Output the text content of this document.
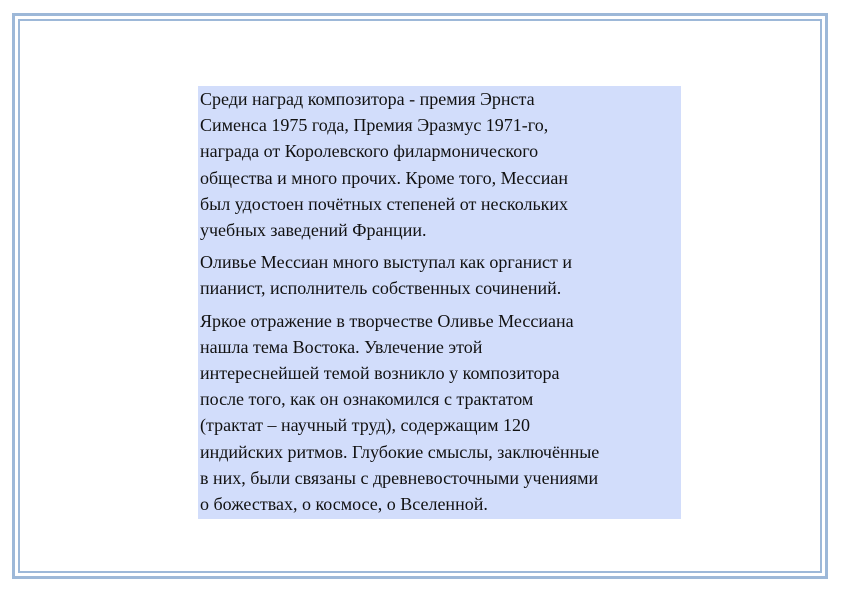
Среди наград композитора - премия Эрнста
Сименса 1975 года, Премия Эразмус 1971-го,
награда от Королевского филармонического
общества и много прочих. Кроме того, Мессиан
был удостоен почётных степеней от нескольких
учебных заведений Франции.

Оливье Мессиан много выступал как органист и
пианист, исполнитель собственных сочинений.

Яркое отражение в творчестве Оливье Мессиана
нашла тема Востока. Увлечение этой
интереснейшей темой возникло у композитора
после того, как он ознакомился с трактатом
(трактат – научный труд), содержащим 120
индийских ритмов. Глубокие смыслы, заключённые
в них, были связаны с древневосточными учениями
о божествах, о космосе, о Вселенной.
